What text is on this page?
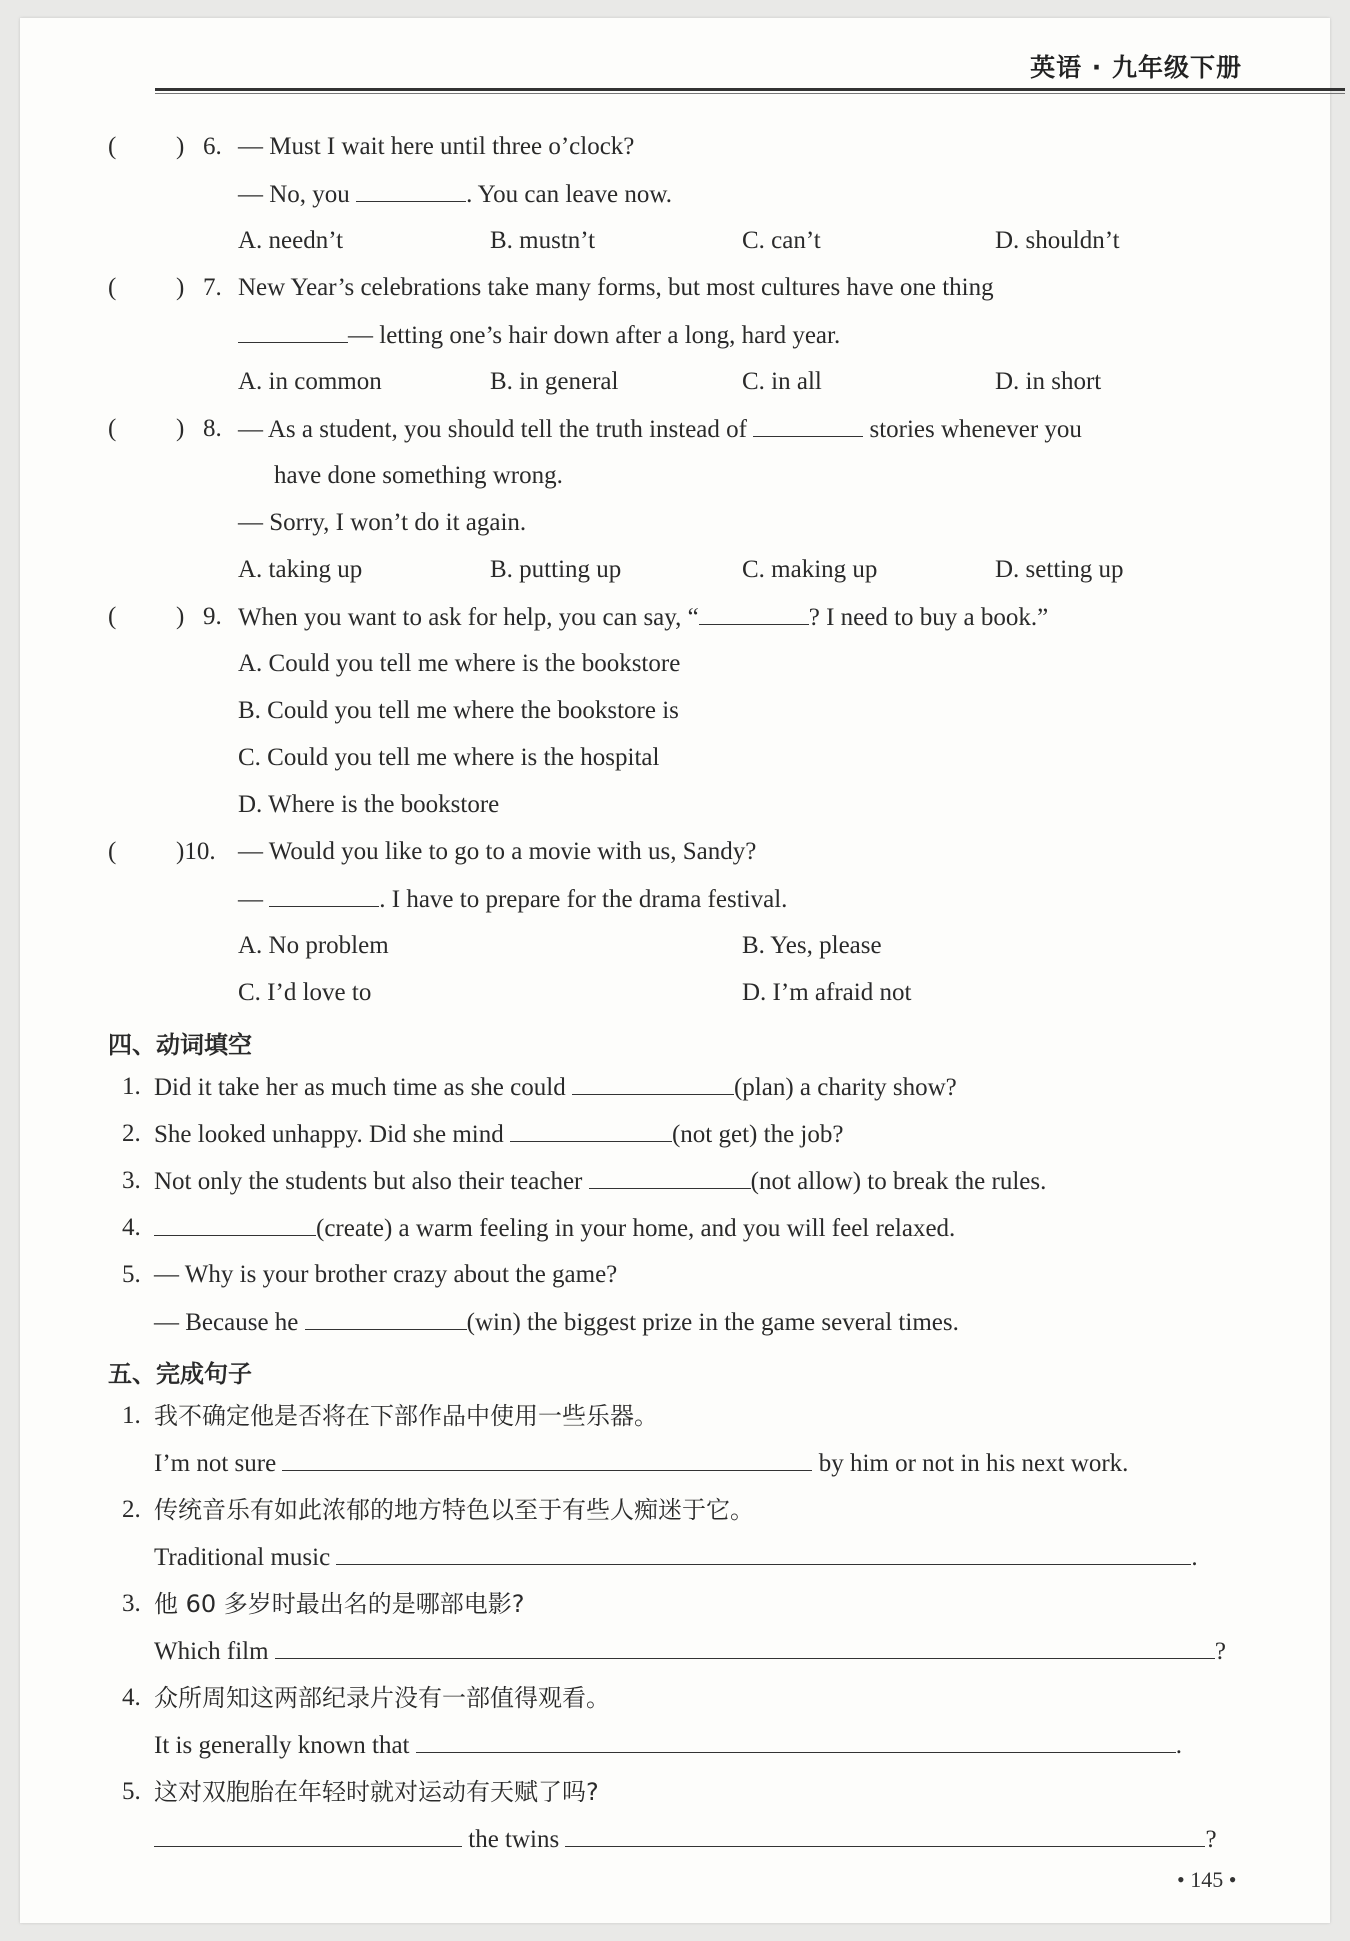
英语 · 九年级下册
( ) 6. — Must I wait here until three o’clock?
— No, you	. You can leave now.
A. needn’t	B. mustn’t	C. can’t	D. shouldn’t
( ) 7. New Year’s celebrations take many forms, but most cultures have one thing
— letting one’s hair down after a long, hard year.
A. in common	B. in general	C. in all	D. in short
( ) 8. — As a student, you should tell the truth instead of	stories whenever you
have done something wrong.
— Sorry, I won’t do it again.
A. taking up	B. putting up	C. making up	D. setting up
( ) 9. When you want to ask for help, you can say, “	? I need to buy a book.”
A. Could you tell me where is the bookstore
B. Could you tell me where the bookstore is
C. Could you tell me where is the hospital
D. Where is the bookstore
( )10. — Would you like to go to a movie with us, Sandy?
—	. I have to prepare for the drama festival.
A. No problem	B. Yes, please
C. I’d love to	D. I’m afraid not
四、动词填空
1. Did it take her as much time as she could	(plan) a charity show?
2. She looked unhappy. Did she mind	(not get) the job?
3. Not only the students but also their teacher	(not allow) to break the rules.
4.	(create) a warm feeling in your home, and you will feel relaxed.
5. — Why is your brother crazy about the game?
— Because he	(win) the biggest prize in the game several times.
五、完成句子
1. 我不确定他是否将在下部作品中使用一些乐器。
I’m not sure	by him or not in his next work.
2. 传统音乐有如此浓郁的地方特色以至于有些人痴迷于它。
Traditional music	.
3. 他 60 多岁时最出名的是哪部电影?
Which film	?
4. 众所周知这两部纪录片没有一部值得观看。
It is generally known that	.
5. 这对双胞胎在年轻时就对运动有天赋了吗?
the twins	?
• 145 •
